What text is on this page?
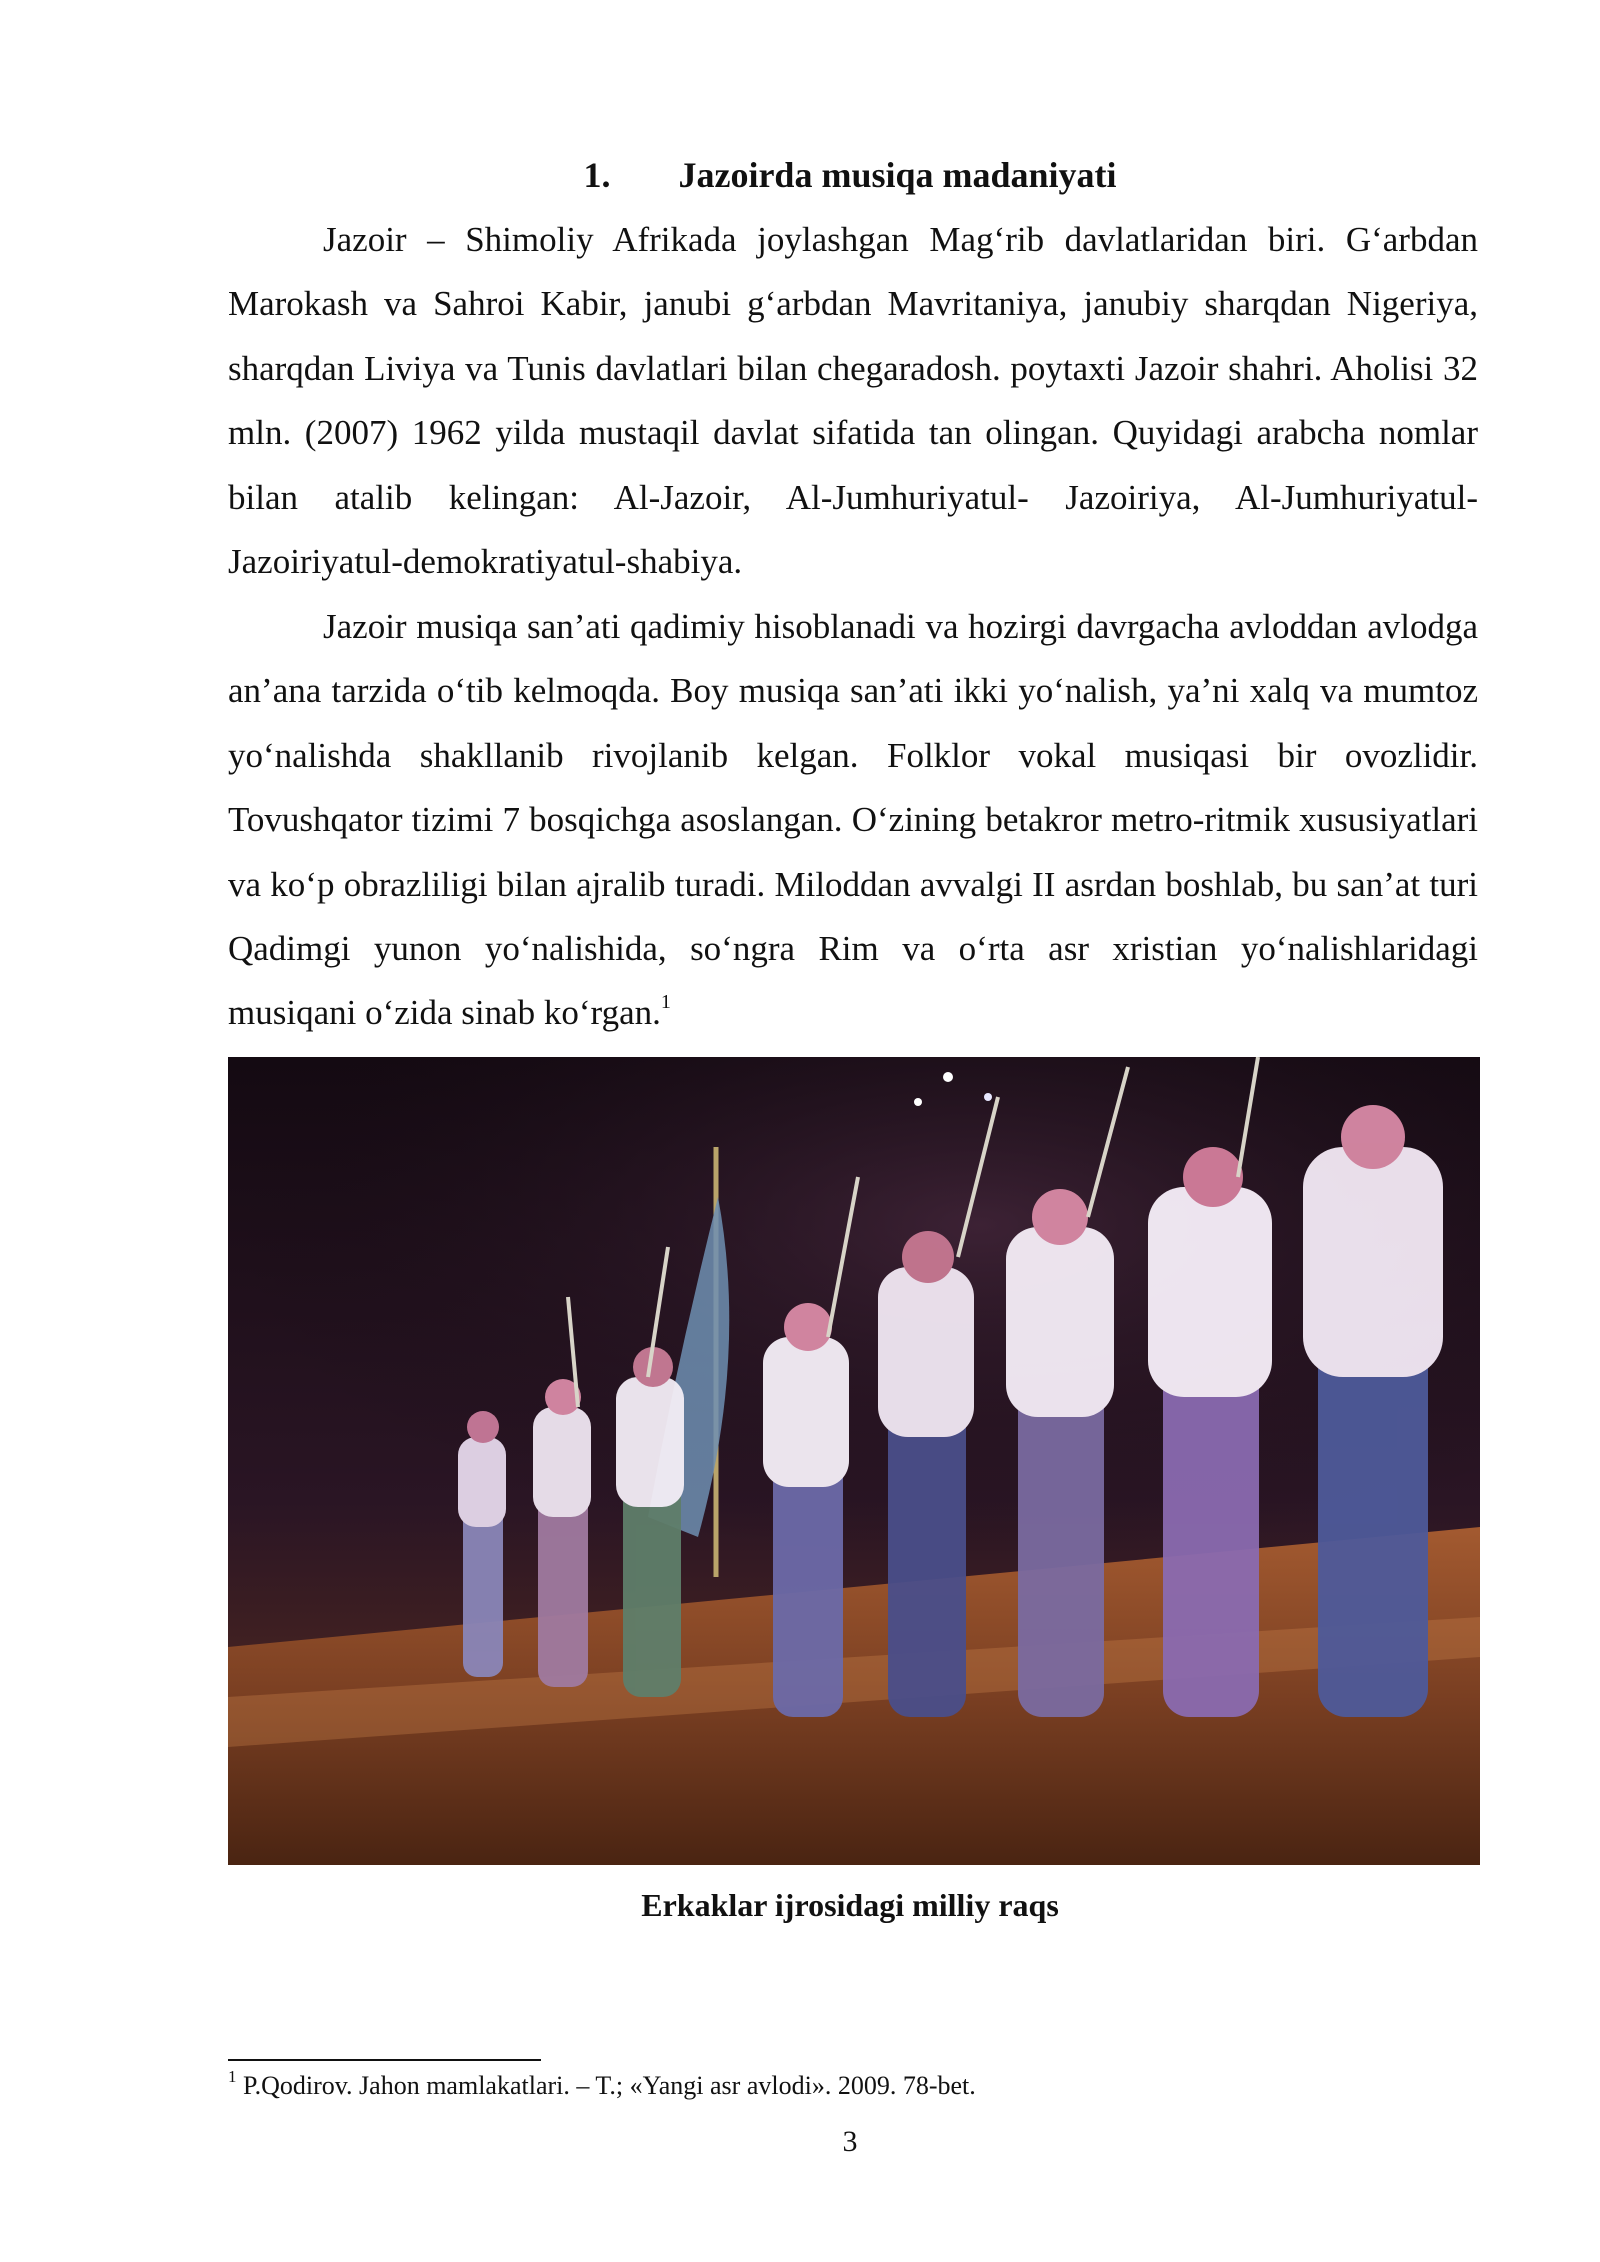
1. Jazoirda musiqa madaniyati

Jazoir – Shimoliy Afrikada joylashgan Mag‘rib davlatlaridan biri. G‘arbdan Marokash va Sahroi Kabir, janubi g‘arbdan Mavritaniya, janubiy sharqdan Nigeriya, sharqdan Liviya va Tunis davlatlari bilan chegaradosh. poytaxti Jazoir shahri. Aholisi 32 mln. (2007) 1962 yilda mustaqil davlat sifatida tan olingan. Quyidagi arabcha nomlar bilan atalib kelingan: Al-Jazoir, Al-Jumhuriyatul- Jazoiriya, Al-Jumhuriyatul-Jazoiriyatul-demokratiyatul-shabiya.

Jazoir musiqa san’ati qadimiy hisoblanadi va hozirgi davrgacha avloddan avlodga an’ana tarzida o‘tib kelmoqda. Boy musiqa san’ati ikki yo‘nalish, ya’ni xalq va mumtoz yo‘nalishda shakllanib rivojlanib kelgan. Folklor vokal musiqasi bir ovozlidir. Tovushqator tizimi 7 bosqichga asoslangan. O‘zining betakror metro-ritmik xususiyatlari va ko‘p obrazliligi bilan ajralib turadi. Miloddan avvalgi II asrdan boshlab, bu san’at turi Qadimgi yunon yo‘nalishida, so‘ngra Rim va o‘rta asr xristian yo‘nalishlaridagi musiqani o‘zida sinab ko‘rgan.$^1$

Erkaklar ijrosidagi milliy raqs
$^1$ P.Qodirov. Jahon mamlakatlari. – T.; «Yangi asr avlodi». 2009. 78-bet.
3
